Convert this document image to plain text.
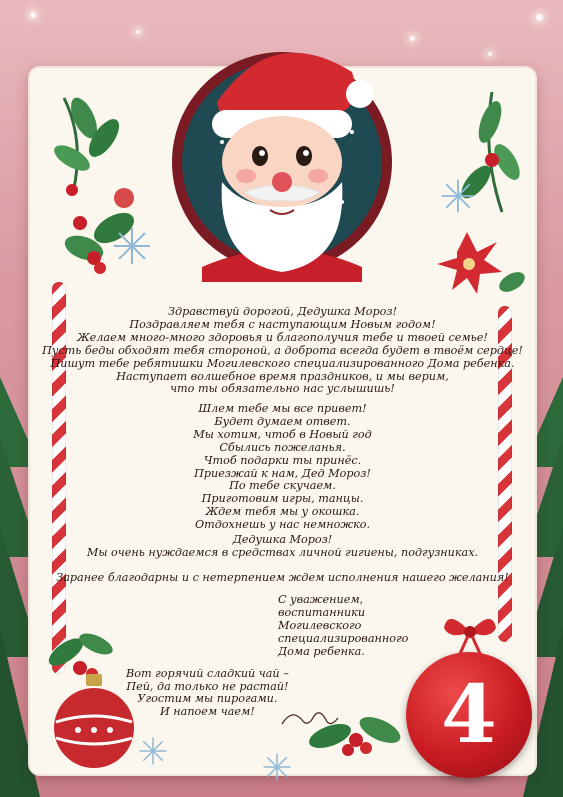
Здравствуй дорогой, Дедушка Мороз!
Поздравляем тебя с наступающим Новым годом!
Желаем много-много здоровья и благополучия тебе и твоей семье!
Пусть беды обходят тебя стороной, а доброта всегда будет в твоём сердце!
Пишут тебе ребятишки Могилевского специализированного Дома ребенка.
Наступает волшебное время праздников, и мы верим,
что ты обязательно нас услышишь!
Шлем тебе мы все привет!
Будет думаем ответ.
Мы хотим, чтоб в Новый год
Сбылись пожеланья.
Чтоб подарки ты принёс.
Приезжай к нам, Дед Мороз!
По тебе скучаем.
Приготовим игры, танцы.
Ждем тебя мы у окошка.
Отдохнешь у нас немножко.
Дедушка Мороз!
Мы очень нуждаемся в средствах личной гигиены, подгузниках.
Заранее благодарны и с нетерпением ждем исполнения нашего желания!
С уважением,
воспитанники
Могилевского
специализированного
Дома ребенка.
Вот горячий сладкий чай –
Пей, да только не растай!
Угостим мы пирогами.
И напоем чаем!	4
